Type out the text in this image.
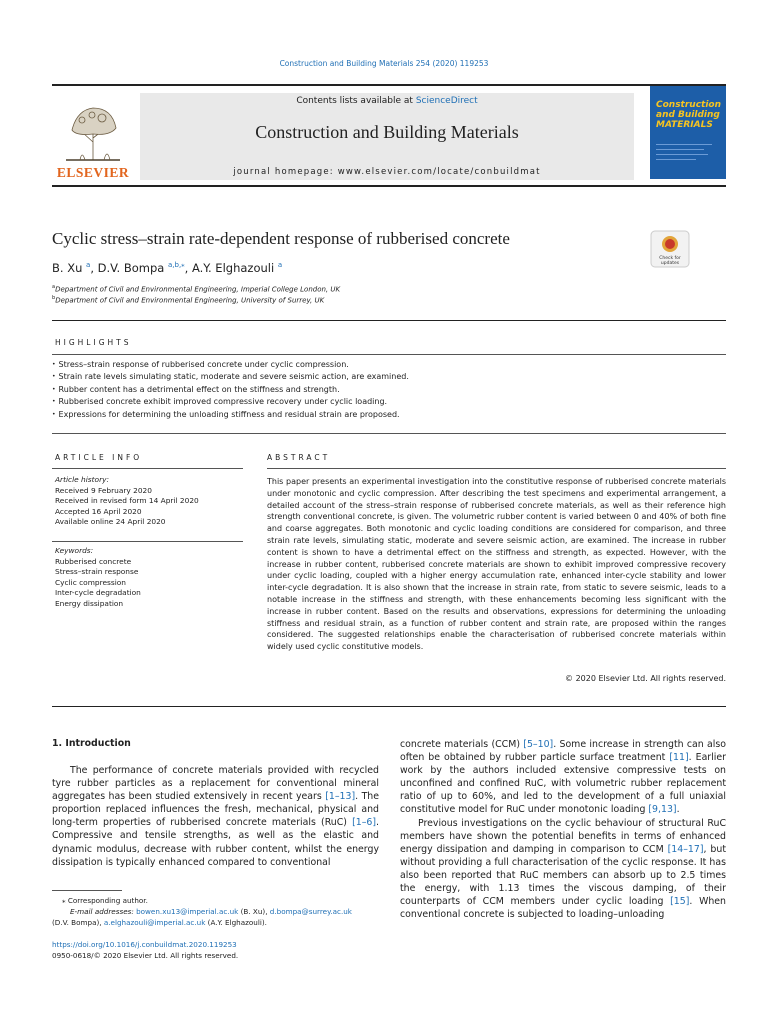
Construction and Building Materials 254 (2020) 119253
ELSEVIER
Contents lists available at ScienceDirect
Construction and Building Materials
journal homepage: www.elsevier.com/locate/conbuildmat
Construction and Building MATERIALS
Cyclic stress–strain rate-dependent response of rubberised concrete
Check for
updates
B. Xu $^a$, D.V. Bompa $^{a,b,⁎}$, A.Y. Elghazouli $^a$
$^a$Department of Civil and Environmental Engineering, Imperial College London, UK
$^b$Department of Civil and Environmental Engineering, University of Surrey, UK
HIGHLIGHTS
• Stress–strain response of rubberised concrete under cyclic compression.
• Strain rate levels simulating static, moderate and severe seismic action, are examined.
• Rubber content has a detrimental effect on the stiffness and strength.
• Rubberised concrete exhibit improved compressive recovery under cyclic loading.
• Expressions for determining the unloading stiffness and residual strain are proposed.
ARTICLE INFO
Article history:
Received 9 February 2020
Received in revised form 14 April 2020
Accepted 16 April 2020
Available online 24 April 2020
Keywords:
Rubberised concrete
Stress–strain response
Cyclic compression
Inter-cycle degradation
Energy dissipation
ABSTRACT
This paper presents an experimental investigation into the constitutive response of rubberised concrete materials under monotonic and cyclic compression. After describing the test specimens and experimental arrangement, a detailed account of the stress–strain response of rubberised concrete materials, as well as their reference high strength conventional concrete, is given. The volumetric rubber content is varied between 0 and 40% of both fine and coarse aggregates. Both monotonic and cyclic loading conditions are considered for comparison, and three strain rate levels, simulating static, moderate and severe seismic action, are examined. The increase in rubber content is shown to have a detrimental effect on the stiffness and strength, as expected. However, with the increase in rubber content, rubberised concrete materials are shown to exhibit improved compressive recovery under cyclic loading, coupled with a higher energy accumulation rate, enhanced inter-cycle stability and lower inter-cycle degradation. It is also shown that the increase in strain rate, from static to severe seismic, leads to a notable increase in the stiffness and strength, with these enhancements becoming less significant with the increase in rubber content. Based on the results and observations, expressions for determining the unloading stiffness and residual strain, as a function of rubber content and strain rate, are proposed within the ranges considered. The suggested relationships enable the characterisation of rubberised concrete materials within widely used cyclic constitutive models.
© 2020 Elsevier Ltd. All rights reserved.
1. Introduction

The performance of concrete materials provided with recycled tyre rubber particles as a replacement for conventional mineral aggregates has been studied extensively in recent years [1–13]. The proportion replaced influences the fresh, mechanical, physical and long-term properties of rubberised concrete materials (RuC) [1–6]. Compressive and tensile strengths, as well as the elastic and dynamic modulus, decrease with rubber content, whilst the energy dissipation is typically enhanced compared to conventional

concrete materials (CCM) [5–10]. Some increase in strength can also often be obtained by rubber particle surface treatment [11]. Earlier work by the authors included extensive compressive tests on unconfined and confined RuC, with volumetric rubber replacement ratio of up to 60%, and led to the development of a full uniaxial constitutive model for RuC under monotonic loading [9,13].

Previous investigations on the cyclic behaviour of structural RuC members have shown the potential benefits in terms of enhanced energy dissipation and damping in comparison to CCM [14–17], but without providing a full characterisation of the cyclic response. It has also been reported that RuC members can absorb up to 2.5 times the energy, with 1.13 times the viscous damping, of their counterparts of CCM members under cyclic loading [15]. When conventional concrete is subjected to loading–unloading

⁎ Corresponding author.
E-mail addresses: bowen.xu13@imperial.ac.uk (B. Xu), d.bompa@surrey.ac.uk
(D.V. Bompa), a.elghazouli@imperial.ac.uk (A.Y. Elghazouli).
https://doi.org/10.1016/j.conbuildmat.2020.119253
0950-0618/© 2020 Elsevier Ltd. All rights reserved.
